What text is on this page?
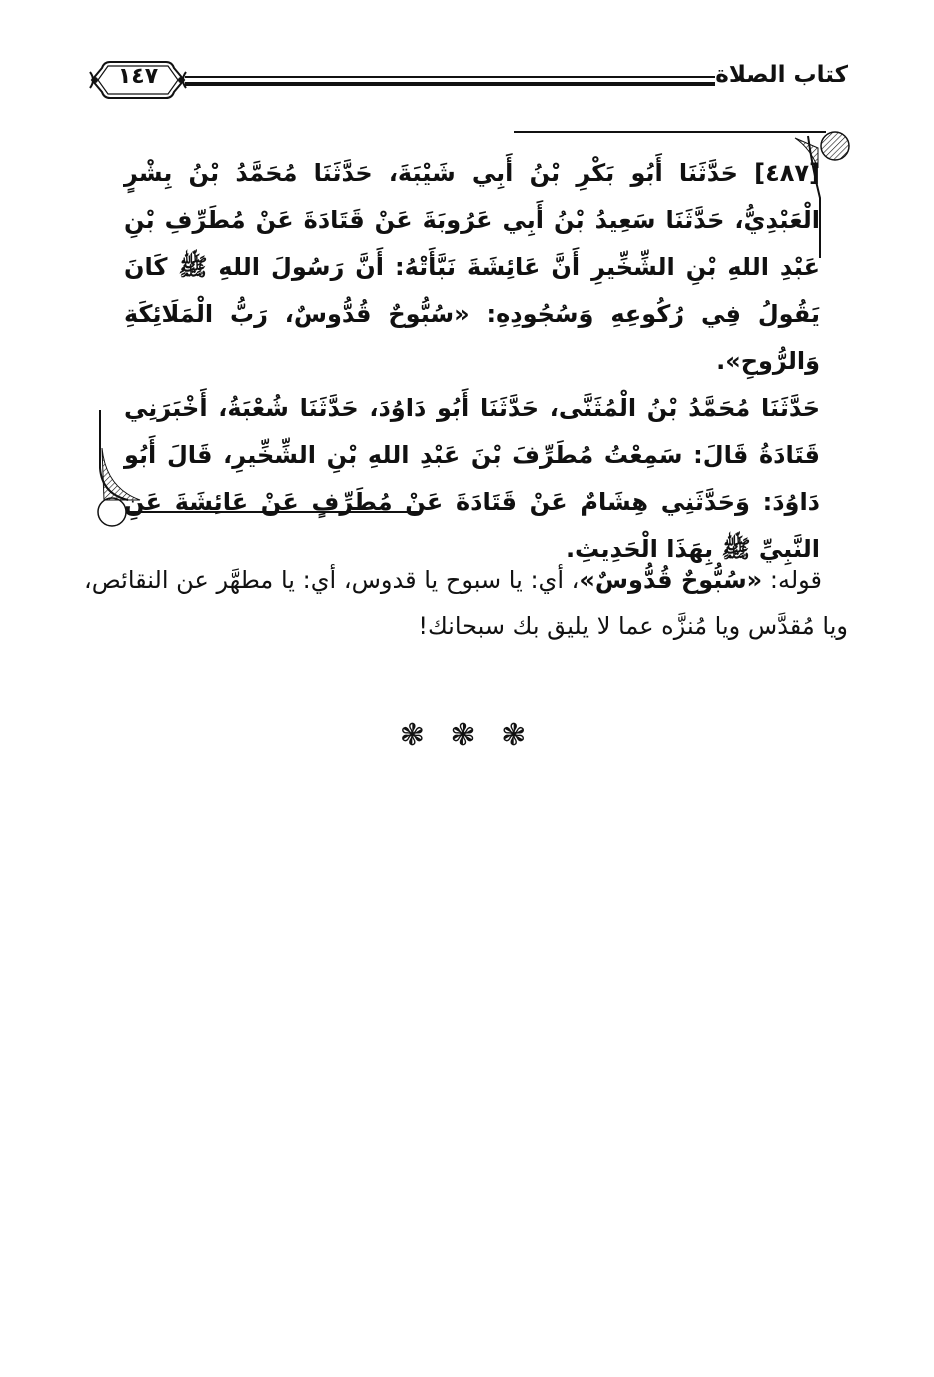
كتاب الصلاة
١٤٧

[٤٨٧] حَدَّثَنَا أَبُو بَكْرِ بْنُ أَبِي شَيْبَةَ، حَدَّثَنَا مُحَمَّدُ بْنُ بِشْرٍ الْعَبْدِيُّ، حَدَّثَنَا سَعِيدُ بْنُ أَبِي عَرُوبَةَ عَنْ قَتَادَةَ عَنْ مُطَرِّفِ بْنِ عَبْدِ اللهِ بْنِ الشِّخِّيرِ أَنَّ عَائِشَةَ نَبَّأَتْهُ: أَنَّ رَسُولَ اللهِ ﷺ كَانَ يَقُولُ فِي رُكُوعِهِ وَسُجُودِهِ: «سُبُّوحٌ قُدُّوسٌ، رَبُّ الْمَلَائِكَةِ وَالرُّوحِ».

حَدَّثَنَا مُحَمَّدُ بْنُ الْمُثَنَّى، حَدَّثَنَا أَبُو دَاوُدَ، حَدَّثَنَا شُعْبَةُ، أَخْبَرَنِي قَتَادَةُ قَالَ: سَمِعْتُ مُطَرِّفَ بْنَ عَبْدِ اللهِ بْنِ الشِّخِّيرِ، قَالَ أَبُو دَاوُدَ: وَحَدَّثَنِي هِشَامٌ عَنْ قَتَادَةَ عَنْ مُطَرِّفٍ عَنْ عَائِشَةَ عَنِ النَّبِيِّ ﷺ بِهَذَا الْحَدِيثِ.

قوله: «سُبُّوحٌ قُدُّوسٌ»، أي: يا سبوح يا قدوس، أي: يا مطهَّر عن النقائص، ويا مُقدَّس ويا مُنزَّه عما لا يليق بك سبحانك!

❃ ❃ ❃
